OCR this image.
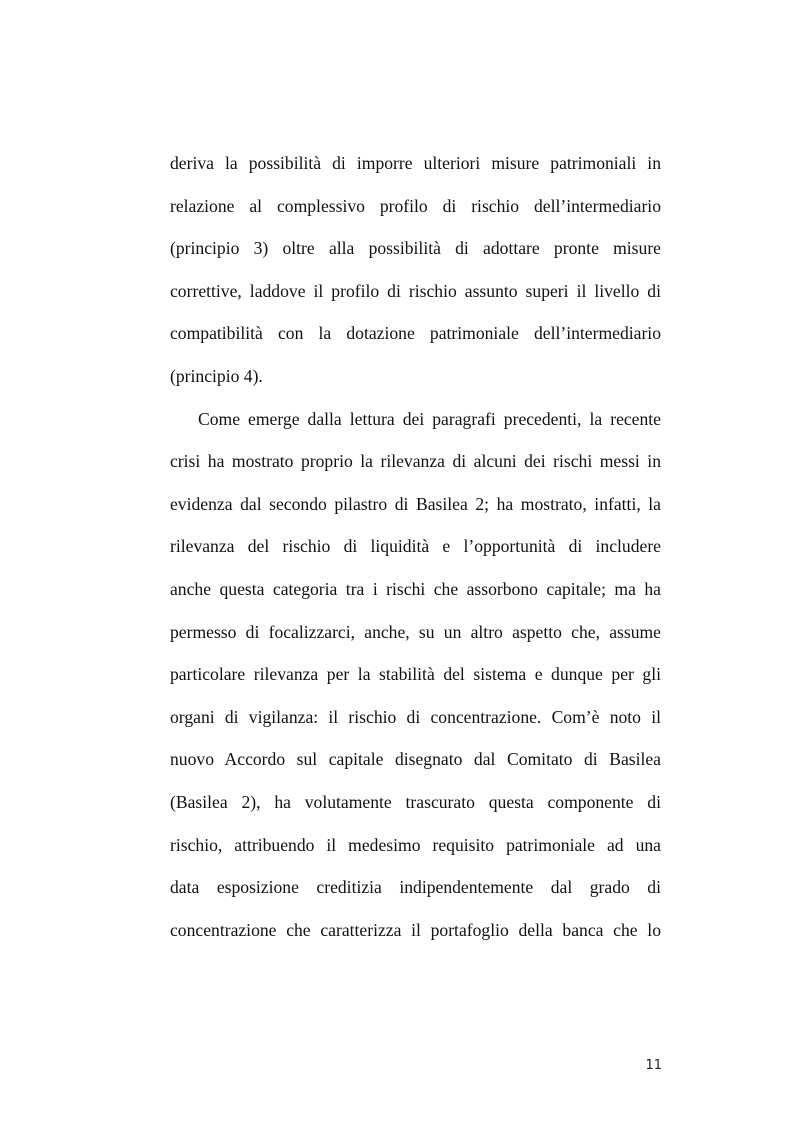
deriva la possibilità di imporre ulteriori misure patrimoniali in
relazione al complessivo profilo di rischio dell’intermediario
(principio 3) oltre alla possibilità di adottare pronte misure
correttive, laddove il profilo di rischio assunto superi il livello di
compatibilità con la dotazione patrimoniale dell’intermediario
(principio 4).
Come emerge dalla lettura dei paragrafi precedenti, la recente
crisi ha mostrato proprio la rilevanza di alcuni dei rischi messi in
evidenza dal secondo pilastro di Basilea 2; ha mostrato, infatti, la
rilevanza del rischio di liquidità e l’opportunità di includere
anche questa categoria tra i rischi che assorbono capitale; ma ha
permesso di focalizzarci, anche, su un altro aspetto che, assume
particolare rilevanza per la stabilità del sistema e dunque per gli
organi di vigilanza: il rischio di concentrazione. Com’è noto il
nuovo Accordo sul capitale disegnato dal Comitato di Basilea
(Basilea 2), ha volutamente trascurato questa componente di
rischio, attribuendo il medesimo requisito patrimoniale ad una
data esposizione creditizia indipendentemente dal grado di
concentrazione che caratterizza il portafoglio della banca che lo
11
